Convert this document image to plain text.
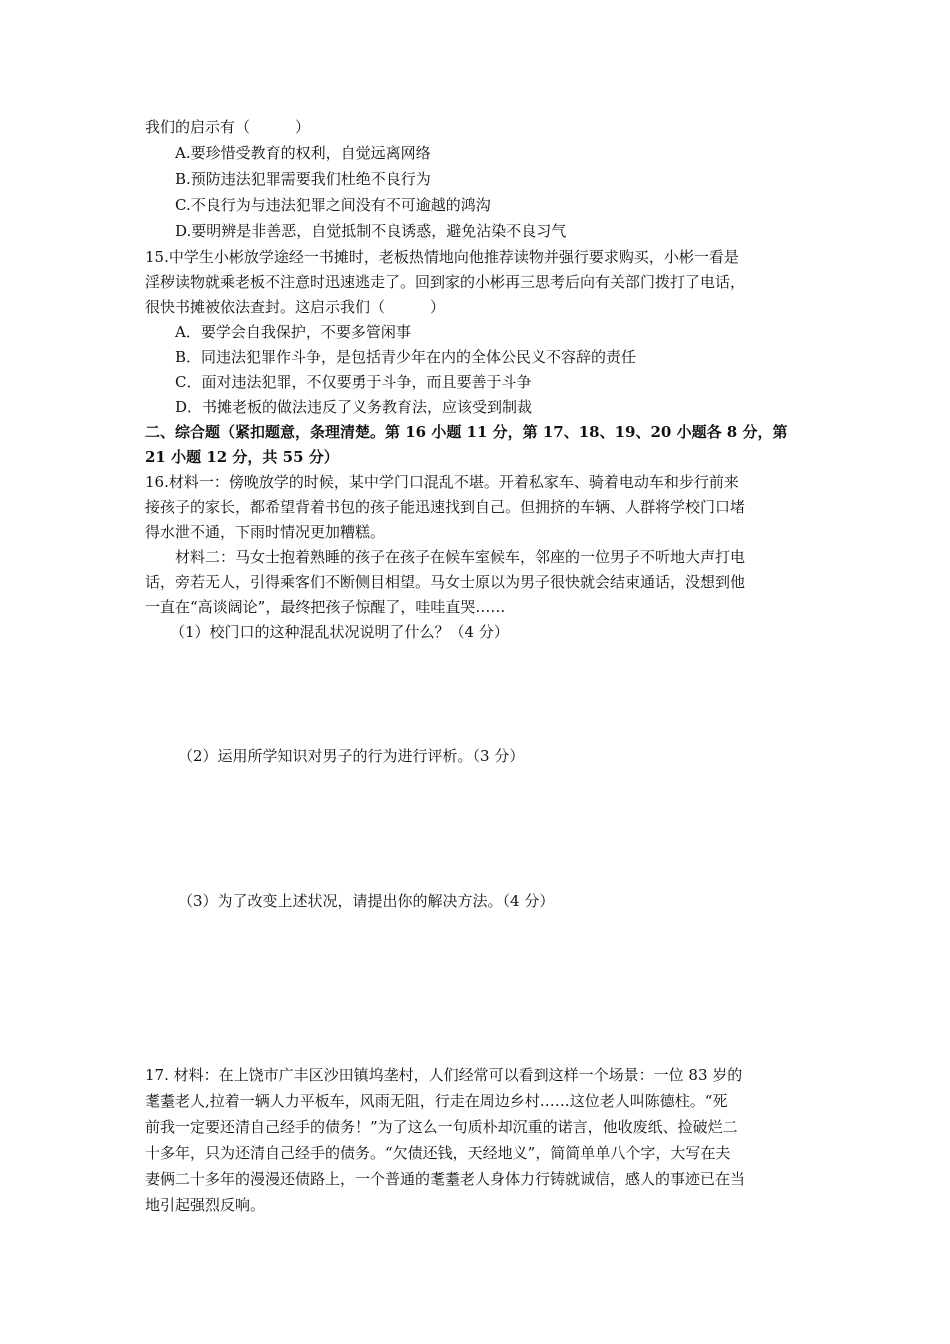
我们的启示有（　　　）
A.要珍惜受教育的权利，自觉远离网络
B.预防违法犯罪需要我们杜绝不良行为
C.不良行为与违法犯罪之间没有不可逾越的鸿沟
D.要明辨是非善恶，自觉抵制不良诱惑，避免沾染不良习气
15.中学生小彬放学途经一书摊时，老板热情地向他推荐读物并强行要求购买，小彬一看是
淫秽读物就乘老板不注意时迅速逃走了。回到家的小彬再三思考后向有关部门拨打了电话，
很快书摊被依法查封。这启示我们（　　　）
A．要学会自我保护，不要多管闲事
B．同违法犯罪作斗争，是包括青少年在内的全体公民义不容辞的责任
C．面对违法犯罪，不仅要勇于斗争，而且要善于斗争
D．书摊老板的做法违反了义务教育法，应该受到制裁
二、综合题（紧扣题意，条理清楚。第 16 小题 11 分，第 17、18、19、20 小题各 8 分，第
21 小题 12 分，共 55 分）
16.材料一：傍晚放学的时候，某中学门口混乱不堪。开着私家车、骑着电动车和步行前来
接孩子的家长，都希望背着书包的孩子能迅速找到自己。但拥挤的车辆、人群将学校门口堵
得水泄不通，下雨时情况更加糟糕。
材料二：马女士抱着熟睡的孩子在孩子在候车室候车，邻座的一位男子不听地大声打电
话，旁若无人，引得乘客们不断侧目相望。马女士原以为男子很快就会结束通话，没想到他
一直在“高谈阔论”，最终把孩子惊醒了，哇哇直哭……
（1）校门口的这种混乱状况说明了什么？（4 分）
（2）运用所学知识对男子的行为进行评析。（3 分）
（3）为了改变上述状况，请提出你的解决方法。（4 分）
17. 材料：在上饶市广丰区沙田镇坞垄村，人们经常可以看到这样一个场景：一位 83 岁的
耄耋老人,拉着一辆人力平板车，风雨无阻，行走在周边乡村……这位老人叫陈德柱。“死
前我一定要还清自己经手的债务！”为了这么一句质朴却沉重的诺言，他收废纸、捡破烂二
十多年，只为还清自己经手的债务。“欠债还钱，天经地义”，简简单单八个字，大写在夫
妻俩二十多年的漫漫还债路上，一个普通的耄耋老人身体力行铸就诚信，感人的事迹已在当
地引起强烈反响。
